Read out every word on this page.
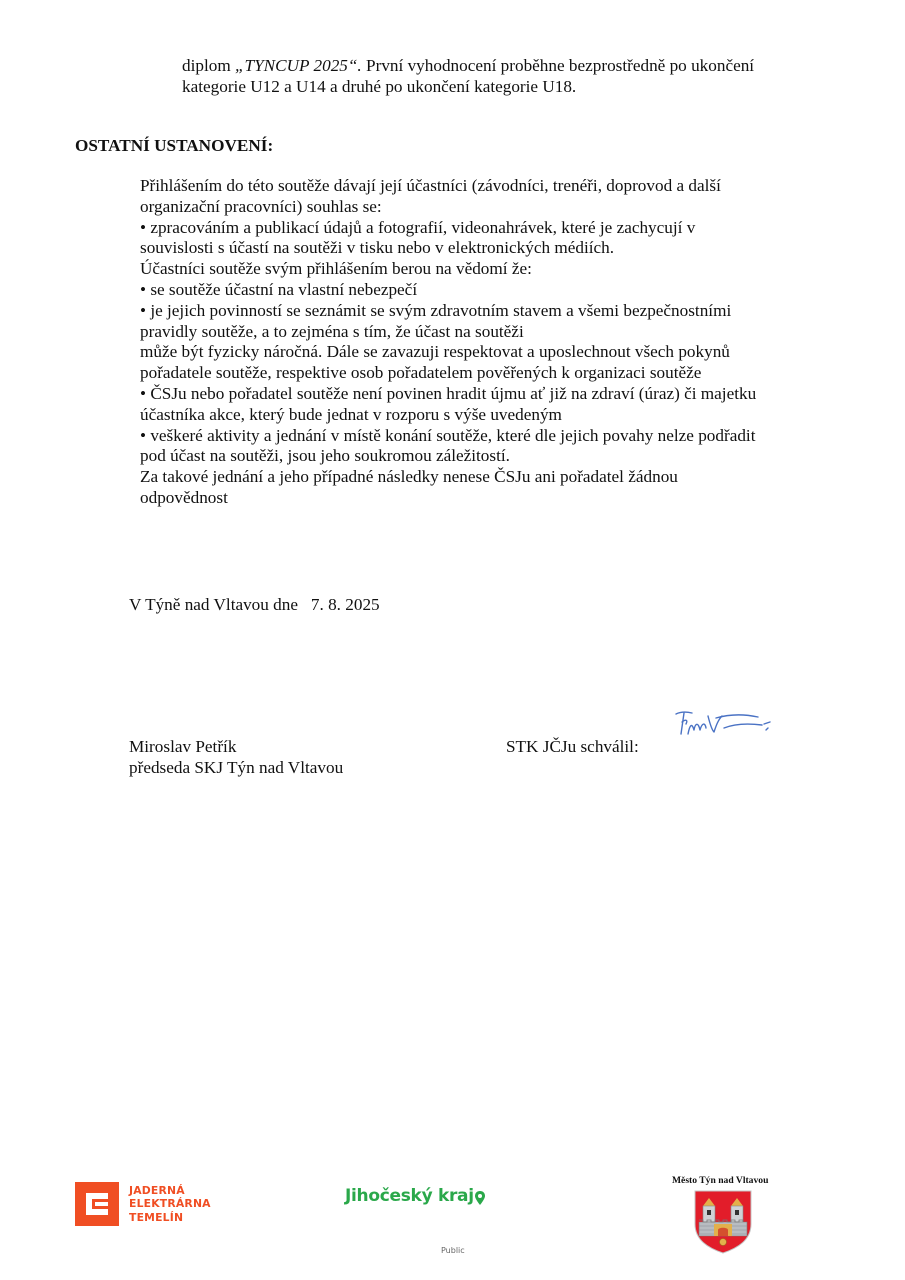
diplom „TYNCUP 2025“. První vyhodnocení proběhne bezprostředně po ukončení
kategorie U12 a U14 a druhé po ukončení kategorie U18.
OSTATNÍ USTANOVENÍ:
Přihlášením do této soutěže dávají její účastníci (závodníci, trenéři, doprovod a další
organizační pracovníci) souhlas se:
• zpracováním a publikací údajů a fotografií, videonahrávek, které je zachycují v
souvislosti s účastí na soutěži v tisku nebo v elektronických médiích.
Účastníci soutěže svým přihlášením berou na vědomí že:
• se soutěže účastní na vlastní nebezpečí
• je jejich povinností se seznámit se svým zdravotním stavem a všemi bezpečnostními
pravidly soutěže, a to zejména s tím, že účast na soutěži
může být fyzicky náročná. Dále se zavazuji respektovat a uposlechnout všech pokynů
pořadatele soutěže, respektive osob pořadatelem pověřených k organizaci soutěže
• ČSJu nebo pořadatel soutěže není povinen hradit újmu ať již na zdraví (úraz) či majetku
účastníka akce, který bude jednat v rozporu s výše uvedeným
• veškeré aktivity a jednání v místě konání soutěže, které dle jejich povahy nelze podřadit
pod účast na soutěži, jsou jeho soukromou záležitostí.
Za takové jednání a jeho případné následky nenese ČSJu ani pořadatel žádnou
odpovědnost
V Týně nad Vltavou dne   7. 8. 2025
Miroslav Petřík
předseda SKJ Týn nad Vltavou
STK JČJu schválil:
JADERNÁ
ELEKTRÁRNA
TEMELÍN
Jihočeský kraj
Město Týn nad Vltavou
Public
